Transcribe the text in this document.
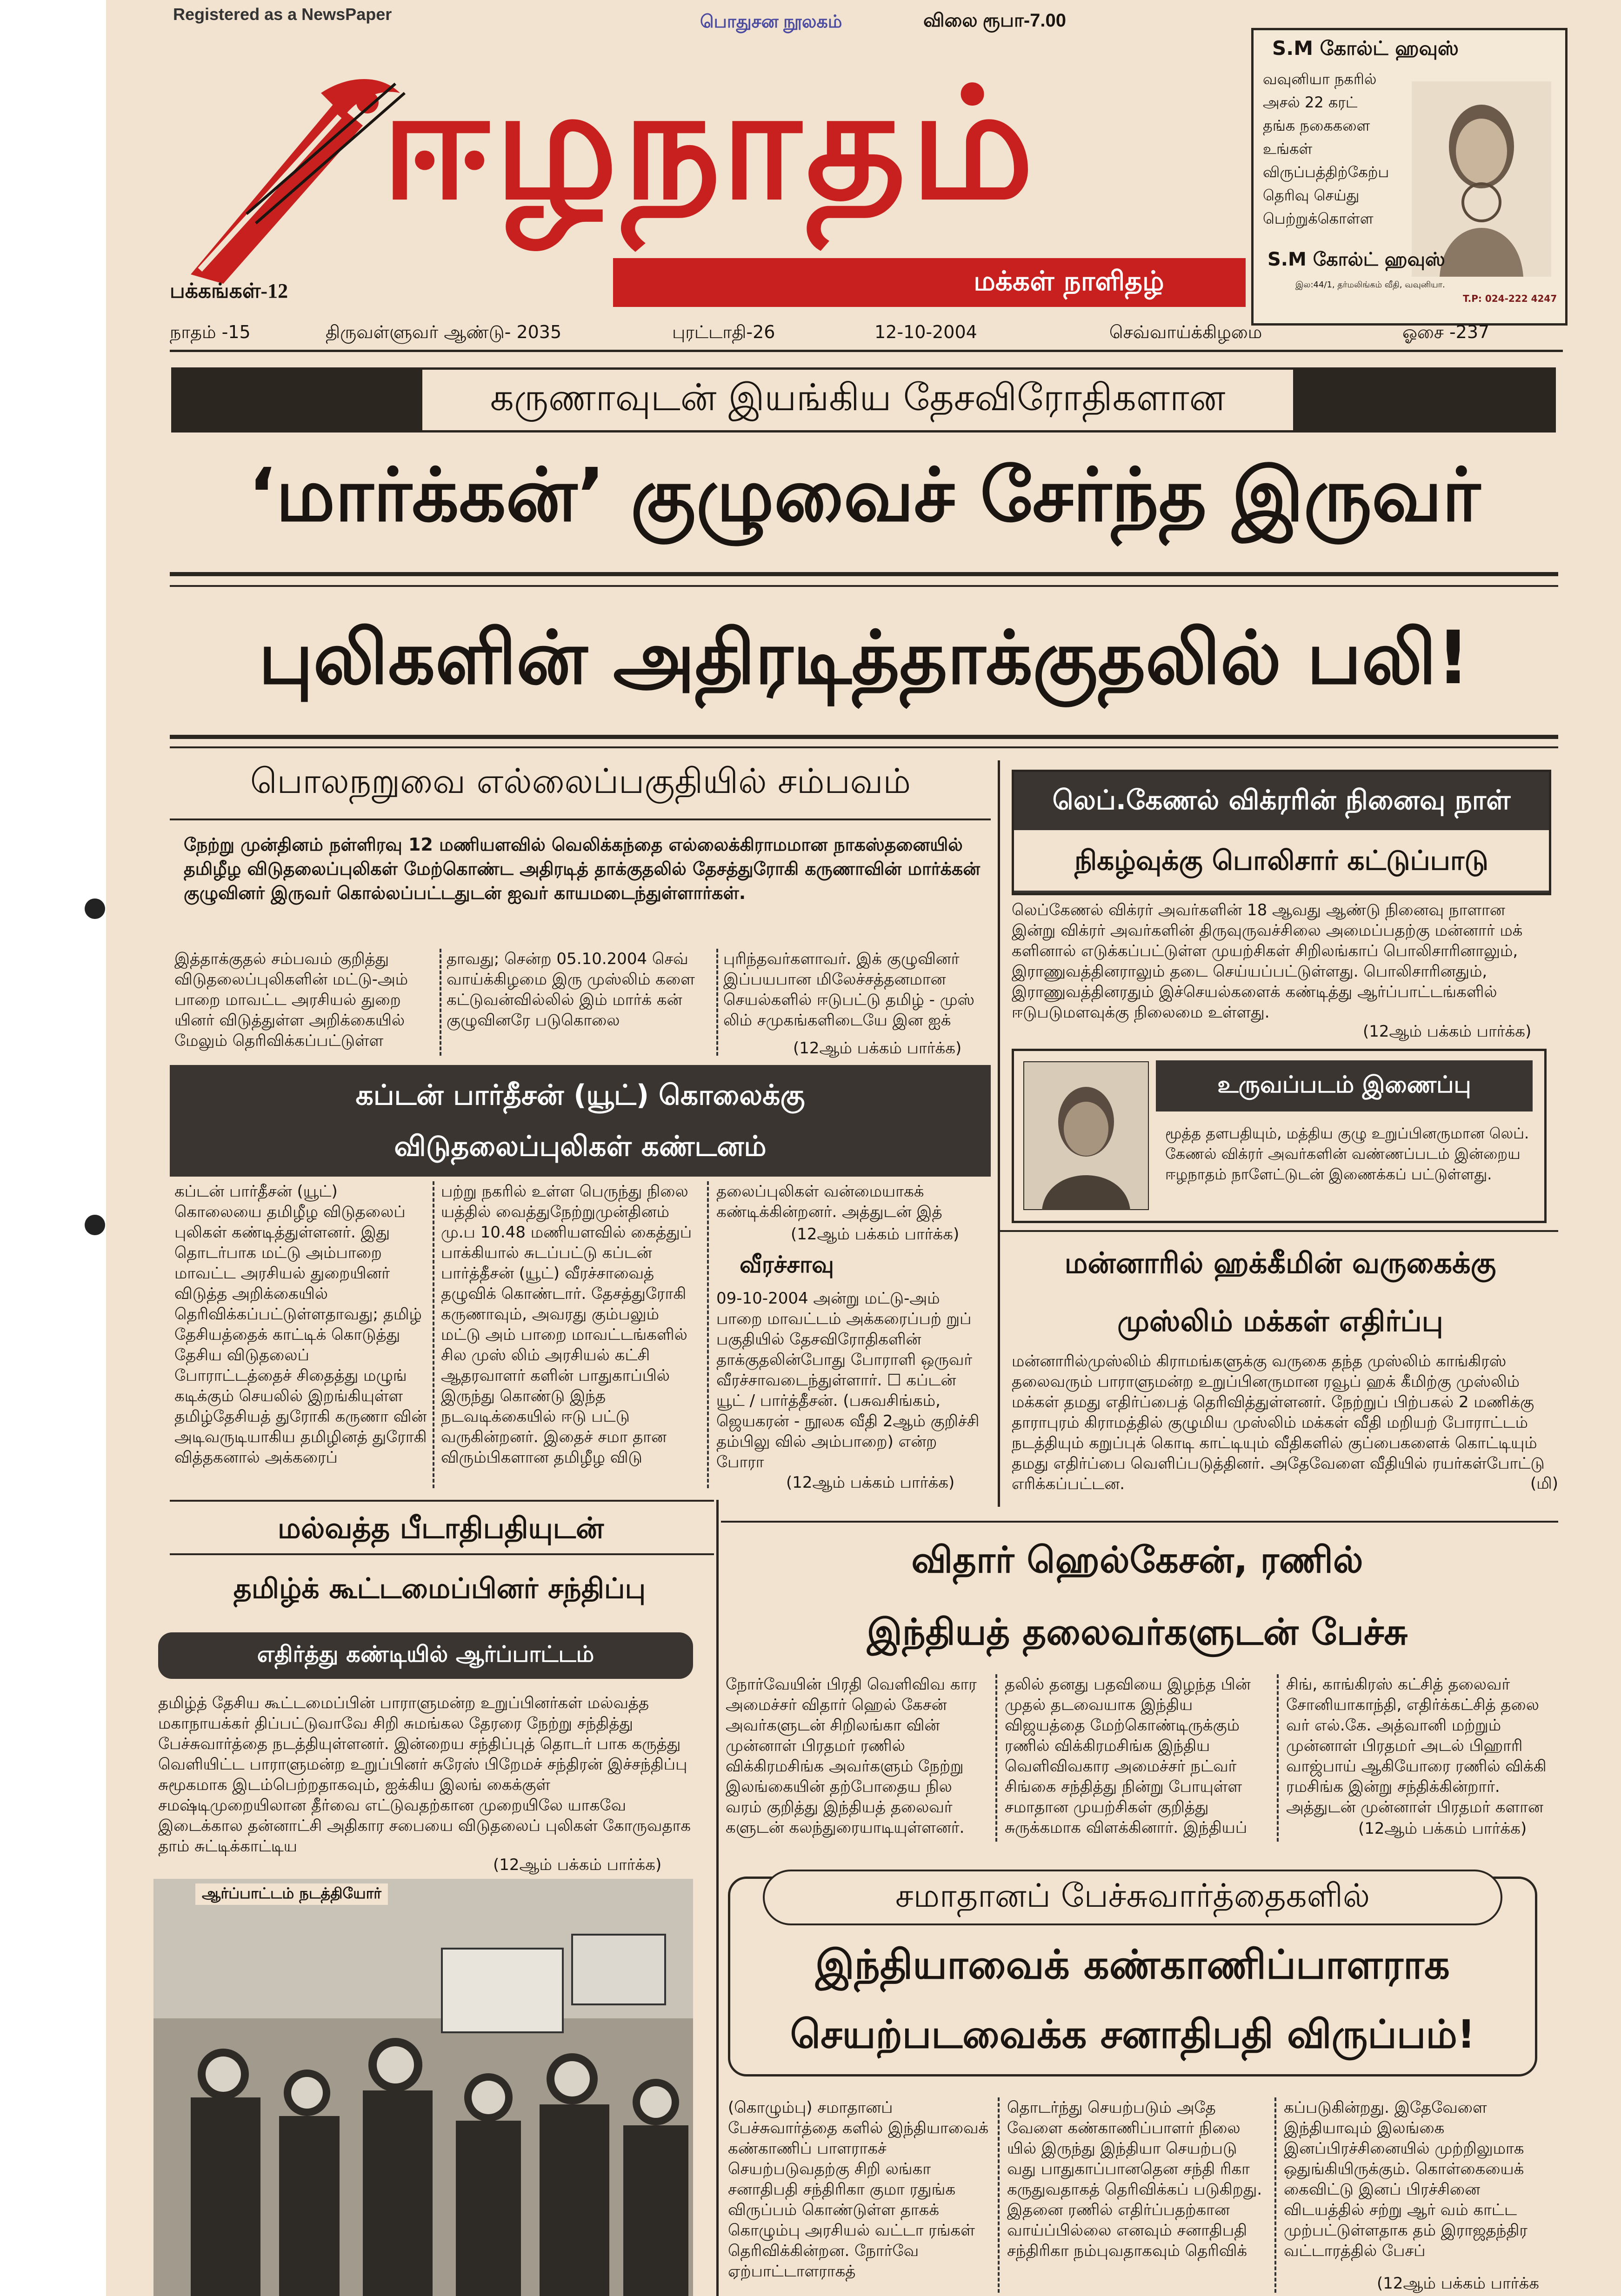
Registered as a NewsPaper	பொதுசன நூலகம்	விலை ரூபா-7.00
ஈழநாதம்
மக்கள் நாளிதழ்
பக்கங்கள்-12
S.M கோல்ட் ஹவுஸ்
வவுனியா நகரில்
அசல் 22 கரட்
தங்க நகைகளை
உங்கள்
விருப்பத்திற்கேற்ப
தெரிவு செய்து
பெற்றுக்கொள்ள
S.M கோல்ட் ஹவுஸ்
இல:44/1, தர்மலிங்கம் வீதி, வவுனியா.
T.P: 024-222 4247
நாதம் -15	திருவள்ளுவர் ஆண்டு- 2035	புரட்டாதி-26	12-10-2004	செவ்வாய்க்கிழமை	ஓசை -237
கருணாவுடன் இயங்கிய தேசவிரோதிகளான
‘மார்க்கன்’ குழுவைச் சேர்ந்த இருவர்
புலிகளின் அதிரடித்தாக்குதலில் பலி!
பொலநறுவை எல்லைப்பகுதியில் சம்பவம்
நேற்று முன்தினம் நள்ளிரவு 12 மணியளவில் வெலிக்கந்தை எல்லைக்கிராமமான நாகஸ்தனையில் தமிழீழ விடுதலைப்புலிகள் மேற்கொண்ட அதிரடித் தாக்குதலில் தேசத்துரோகி கருணாவின் மார்க்கன் குழுவினர் இருவர் கொல்லப்பட்டதுடன் ஐவர் காயமடைந்துள்ளார்கள்.
இத்தாக்குதல் சம்பவம் குறித்து விடுதலைப்புலிகளின் மட்டு-அம் பாறை மாவட்ட அரசியல் துறை யினர் விடுத்துள்ள அறிக்கையில் மேலும் தெரிவிக்கப்பட்டுள்ள
தாவது; சென்ற 05.10.2004 செவ் வாய்க்கிழமை இரு முஸ்லிம் களை கட்டுவன்வில்லில் இம் மார்க் கன் குழுவினரே படுகொலை
புரிந்தவர்களாவர். இக் குழுவினர் இப்பயபான மிலேச்சத்தனமான செயல்களில் ஈடுபட்டு தமிழ் - முஸ் லிம் சமுகங்களிடையே இன ஐக்
(12ஆம் பக்கம் பார்க்க)
லெப்.கேணல் விக்ரரின் நினைவு நாள்
நிகழ்வுக்கு பொலிசார் கட்டுப்பாடு
லெப்கேணல் விக்ரர் அவர்களின் 18 ஆவது ஆண்டு நினைவு நாளான இன்று விக்ரர் அவர்களின் திருவுருவச்சிலை அமைப்பதற்கு மன்னார் மக் களினால் எடுக்கப்பட்டுள்ள முயற்சிகள் சிறிலங்காப் பொலிசாரினாலும், இராணுவத்தினராலும் தடை செய்யப்பட்டுள்ளது. பொலிசாரினதும், இராணுவத்தினரதும் இச்செயல்களைக் கண்டித்து ஆர்ப்பாட்டங்களில் ஈடுபடுமளவுக்கு நிலைமை உள்ளது.
(12ஆம் பக்கம் பார்க்க)
உருவப்படம் இணைப்பு
மூத்த தளபதியும், மத்திய குழு உறுப்பினருமான லெப். கேணல் விக்ரர் அவர்களின் வண்ணப்படம் இன்றைய ஈழநாதம் நாளேட்டுடன் இணைக்கப் பட்டுள்ளது.
கப்டன் பார்தீசன் (யூட்) கொலைக்கு
விடுதலைப்புலிகள் கண்டனம்
கப்டன் பார்தீசன் (யூட்) கொலையை தமிழீழ விடுதலைப் புலிகள் கண்டித்துள்ளனர். இது தொடர்பாக மட்டு அம்பாறை மாவட்ட அரசியல் துறையினர் விடுத்த அறிக்கையில் தெரிவிக்கப்பட்டுள்ளதாவது; தமிழ் தேசியத்தைக் காட்டிக் கொடுத்து தேசிய விடுதலைப் போராட்டத்தைச் சிதைத்து மழுங் கடிக்கும் செயலில் இறங்கியுள்ள தமிழ்தேசியத் துரோகி கருணா வின் அடிவருடியாகிய தமிழினத் துரோகி வித்தகனால் அக்கரைப்
பற்று நகரில் உள்ள பெருந்து நிலை யத்தில் வைத்துநேற்றுமுன்தினம் மு.ப 10.48 மணியளவில் கைத்துப் பாக்கியால் சுடப்பட்டு கப்டன் பார்த்தீசன் (யூட்) வீரச்சாவைத் தழுவிக் கொண்டார். தேசத்துரோகி கருணாவும், அவரது கும்பலும் மட்டு அம் பாறை மாவட்டங்களில் சில முஸ் லிம் அரசியல் கட்சி ஆதரவாளர் களின் பாதுகாப்பில் இருந்து கொண்டு இந்த நடவடிக்கையில் ஈடு பட்டு வருகின்றனர். இதைச் சமா தான விரும்பிகளான தமிழீழ விடு
தலைப்புலிகள் வன்மையாகக் கண்டிக்கின்றனர். அத்துடன் இத்
(12ஆம் பக்கம் பார்க்க)
வீரச்சாவு
09-10-2004 அன்று மட்டு-அம் பாறை மாவட்டம் அக்கரைப்பற் றுப் பகுதியில் தேசவிரோதிகளின் தாக்குதலின்போது போராளி ஒருவர் வீரச்சாவடைந்துள்ளார். ☐ கப்டன் யூட் / பார்த்தீசன். (பசுவசிங்கம், ஜெயகரன் - நூலக வீதி 2ஆம் குறிச்சி தம்பிலு வில் அம்பாறை) என்ற போரா
(12ஆம் பக்கம் பார்க்க)
மன்னாரில் ஹக்கீமின் வருகைக்கு
முஸ்லிம் மக்கள் எதிர்ப்பு
மன்னாரில்முஸ்லிம் கிராமங்களுக்கு வருகை தந்த முஸ்லிம் காங்கிரஸ் தலைவரும் பாராளுமன்ற உறுப்பினருமான ரவூப் ஹக் கீமிற்கு முஸ்லிம் மக்கள் தமது எதிர்ப்பைத் தெரிவித்துள்ளனர். நேற்றுப் பிற்பகல் 2 மணிக்கு தாராபுரம் கிராமத்தில் குழுமிய முஸ்லிம் மக்கள் வீதி மறியற் போராட்டம் நடத்தியும் கறுப்புக் கொடி காட்டியும் வீதிகளில் குப்பைகளைக் கொட்டியும் தமது எதிர்ப்பை வெளிப்படுத்தினர். அதேவேளை வீதியில் ரயர்கள்போட்டு எரிக்கப்பட்டன.	(மி)
மல்வத்த பீடாதிபதியுடன்
தமிழ்க் கூட்டமைப்பினர் சந்திப்பு
எதிர்த்து கண்டியில் ஆர்ப்பாட்டம்
தமிழ்த் தேசிய கூட்டமைப்பின் பாராளுமன்ற உறுப்பினர்கள் மல்வத்த மகாநாயக்கர் திப்பட்டுவாவே சிறி சுமங்கல தேரரை நேற்று சந்தித்து பேச்சுவார்த்தை நடத்தியுள்ளனர். இன்றைய சந்திப்புத் தொடர் பாக கருத்து வெளியிட்ட பாராளுமன்ற உறுப்பினர் சுரேஸ் பிறேமச் சந்திரன் இச்சந்திப்பு சுமூகமாக இடம்பெற்றதாகவும், ஐக்கிய இலங் கைக்குள் சமஷ்டிமுறையிலான தீர்வை எட்டுவதற்கான முறையிலே யாகவே இடைக்கால தன்னாட்சி அதிகார சபையை விடுதலைப் புலிகள் கோருவதாக தாம் சுட்டிக்காட்டிய
(12ஆம் பக்கம் பார்க்க)
ஆர்ப்பாட்டம் நடத்தியோர்
விதார் ஹெல்கேசன், ரணில்
இந்தியத் தலைவர்களுடன் பேச்சு
நோர்வேயின் பிரதி வெளிவிவ கார அமைச்சர் விதார் ஹெல் கேசன் அவர்களுடன் சிறிலங்கா வின் முன்னாள் பிரதமர் ரணில் விக்கிரமசிங்க அவர்களும் நேற்று இலங்கையின் தற்போதைய நில வரம் குறித்து இந்தியத் தலைவர் களுடன் கலந்துரையாடியுள்ளனர்.
தலில் தனது பதவியை இழந்த பின் முதல் தடவையாக இந்திய விஜயத்தை மேற்கொண்டிருக்கும் ரணில் விக்கிரமசிங்க இந்திய வெளிவிவகார அமைச்சர் நட்வர் சிங்கை சந்தித்து நின்று போயுள்ள சமாதான முயற்சிகள் குறித்து சுருக்கமாக விளக்கினார். இந்தியப்
சிங், காங்கிரஸ் கட்சித் தலைவர் சோனியாகாந்தி, எதிர்க்கட்சித் தலை வர் எல்.கே. அத்வானி மற்றும் முன்னாள் பிரதமர் அடல் பிஹாரி வாஜ்பாய் ஆகியோரை ரணில் விக்கி ரமசிங்க இன்று சந்திக்கின்றார். அத்துடன் முன்னாள் பிரதமர் களான
(12ஆம் பக்கம் பார்க்க)
சமாதானப் பேச்சுவார்த்தைகளில்
இந்தியாவைக் கண்காணிப்பாளராக
செயற்படவைக்க சனாதிபதி விருப்பம்!
(கொழும்பு) சமாதானப் பேச்சுவார்த்தை களில் இந்தியாவைக் கண்காணிப் பாளராகச் செயற்படுவதற்கு சிறி லங்கா சனாதிபதி சந்திரிகா குமா ரதுங்க விருப்பம் கொண்டுள்ள தாகக் கொழும்பு அரசியல் வட்டா ரங்கள் தெரிவிக்கின்றன. நோர்வே ஏற்பாட்டாளராகத்
தொடர்ந்து செயற்படும் அதே வேளை கண்காணிப்பாளர் நிலை யில் இருந்து இந்தியா செயற்படு வது பாதுகாப்பானதென சந்தி ரிகா கருதுவதாகத் தெரிவிக்கப் படுகிறது. இதனை ரணில் எதிர்ப்பதற்கான வாய்ப்பில்லை எனவும் சனாதிபதி சந்திரிகா நம்புவதாகவும் தெரிவிக்
கப்படுகின்றது. இதேவேளை இந்தியாவும் இலங்கை இனப்பிரச்சினையில் முற்றிலுமாக ஒதுங்கியிருக்கும். கொள்கையைக் கைவிட்டு இனப் பிரச்சினை விடயத்தில் சற்று ஆர் வம் காட்ட முற்பட்டுள்ளதாக தம் இராஜதந்திர வட்டாரத்தில் பேசப்
(12ஆம் பக்கம் பார்க்க
